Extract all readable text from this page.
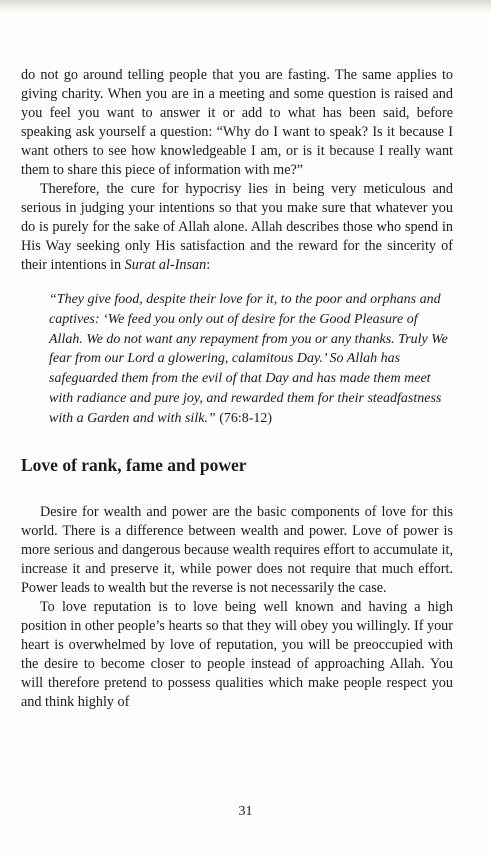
do not go around telling people that you are fasting. The same applies to giving charity. When you are in a meeting and some question is raised and you feel you want to answer it or add to what has been said, before speaking ask yourself a question: “Why do I want to speak? Is it because I want others to see how knowledgeable I am, or is it because I really want them to share this piece of information with me?”

Therefore, the cure for hypocrisy lies in being very meticulous and serious in judging your intentions so that you make sure that whatever you do is purely for the sake of Allah alone. Allah describes those who spend in His Way seeking only His satisfaction and the reward for the sincerity of their intentions in Surat al-Insan:

“They give food, despite their love for it, to the poor and orphans and captives: ‘We feed you only out of desire for the Good Pleasure of Allah. We do not want any repayment from you or any thanks. Truly We fear from our Lord a glowering, calamitous Day.’ So Allah has safeguarded them from the evil of that Day and has made them meet with radiance and pure joy, and rewarded them for their steadfastness with a Garden and with silk.” (76:8-12)
Love of rank, fame and power

Desire for wealth and power are the basic components of love for this world. There is a difference between wealth and power. Love of power is more serious and dangerous because wealth requires effort to accumulate it, increase it and preserve it, while power does not require that much effort. Power leads to wealth but the reverse is not necessarily the case.

To love reputation is to love being well known and having a high position in other people’s hearts so that they will obey you willingly. If your heart is overwhelmed by love of reputation, you will be preoccupied with the desire to become closer to people instead of approaching Allah. You will therefore pretend to possess qualities which make people respect you and think highly of

31
